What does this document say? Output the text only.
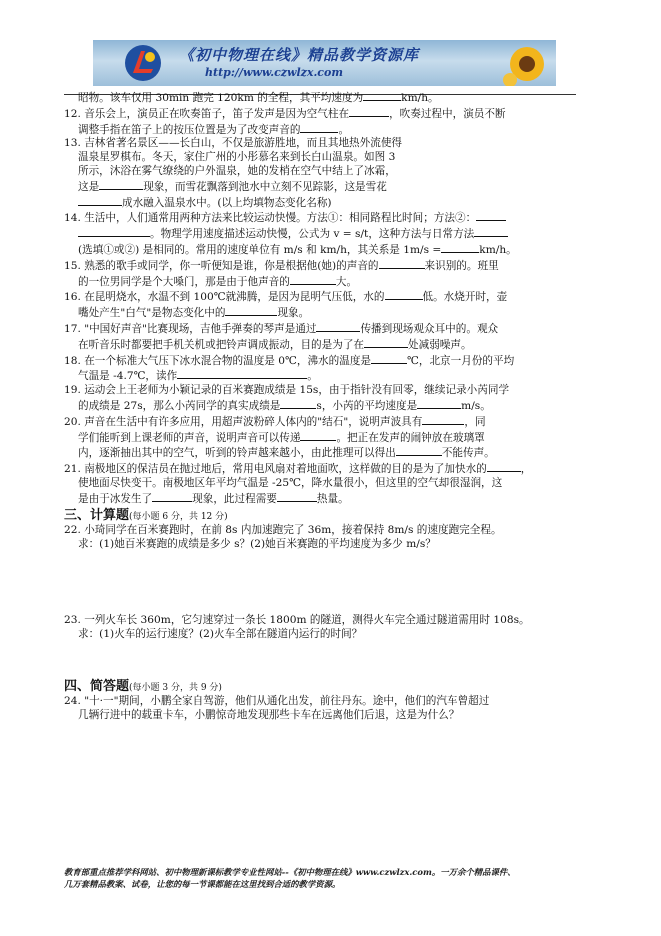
《初中物理在线》精品教学资源库
http://www.czwlzx.com
昭物。该车仅用 30min 跑完 120km 的全程，其平均速度为	km/h。
12. 音乐会上，演员正在吹奏笛子，笛子发声是因为空气柱在	，吹奏过程中，演员不断
调整手指在笛子上的按压位置是为了改变声音的	。
13. 吉林省著名景区——长白山，不仅是旅游胜地，而且其地热外流使得
温泉星罗棋布。冬天，家住广州的小彤慕名来到长白山温泉。如图 3
所示，沐浴在雾气缭绕的户外温泉，她的发梢在空气中结上了冰霜，
这是	现象，而雪花飘落到池水中立刻不见踪影，这是雪花
成水融入温泉水中。(以上均填物态变化名称)
14. 生活中，人们通常用两种方法来比较运动快慢。方法①：相同路程比时间；方法②：
。物理学用速度描述运动快慢，公式为 v = s/t，这种方法与日常方法
(选填①或②) 是相同的。常用的速度单位有 m/s 和 km/h，其关系是 1m/s =	km/h。
15. 熟悉的歌手或同学，你一听便知是谁，你是根据他(她)的声音的	来识别的。班里
的一位男同学是个大嗓门，那是由于他声音的	大。
16. 在昆明烧水，水温不到 100℃就沸腾，是因为昆明气压低，水的	低。水烧开时，壶
嘴处产生"白气"是物态变化中的	现象。
17. "中国好声音"比赛现场，吉他手弹奏的琴声是通过	传播到现场观众耳中的。观众
在听音乐时都要把手机关机或把铃声调成振动，目的是为了在	处减弱噪声。
18. 在一个标准大气压下冰水混合物的温度是 0℃，沸水的温度是	℃，北京一月份的平均
气温是 -4.7℃，读作	。
19. 运动会上王老师为小颖记录的百米赛跑成绩是 15s，由于指针没有回零，继续记录小芮同学
的成绩是 27s，那么小芮同学的真实成绩是	s，小芮的平均速度是	m/s。
20. 声音在生活中有许多应用，用超声波粉碎人体内的"结石"，说明声波具有	，同
学们能听到上课老师的声音，说明声音可以传递	。把正在发声的闹钟放在玻璃罩
内，逐渐抽出其中的空气，听到的铃声越来越小，由此推理可以得出	不能传声。
21. 南极地区的保洁员在抛过地后，常用电风扇对着地面吹，这样做的目的是为了加快水的	，
使地面尽快变干。南极地区年平均气温是 -25℃，降水量很小，但这里的空气却很湿润，这
是由于冰发生了	现象，此过程需要	热量。
三、计算题(每小题 6 分，共 12 分)
22. 小琦同学在百米赛跑时，在前 8s 内加速跑完了 36m，接着保持 8m/s 的速度跑完全程。
求：(1)她百米赛跑的成绩是多少 s？(2)她百米赛跑的平均速度为多少 m/s？
23. 一列火车长 360m，它匀速穿过一条长 1800m 的隧道，测得火车完全通过隧道需用时 108s。
求：(1)火车的运行速度？(2)火车全部在隧道内运行的时间？
四、简答题(每小题 3 分，共 9 分)
24. "十·一"期间，小鹏全家自驾游，他们从通化出发，前往丹东。途中，他们的汽车曾超过
几辆行进中的载重卡车，小鹏惊奇地发现那些卡车在远离他们后退，这是为什么？
教育部重点推荐学科网站、初中物理新课标教学专业性网站--《初中物理在线》www.czwlzx.com。一万余个精品课件、
几万套精品教案、试卷，让您的每一节课都能在这里找到合适的教学资源。
